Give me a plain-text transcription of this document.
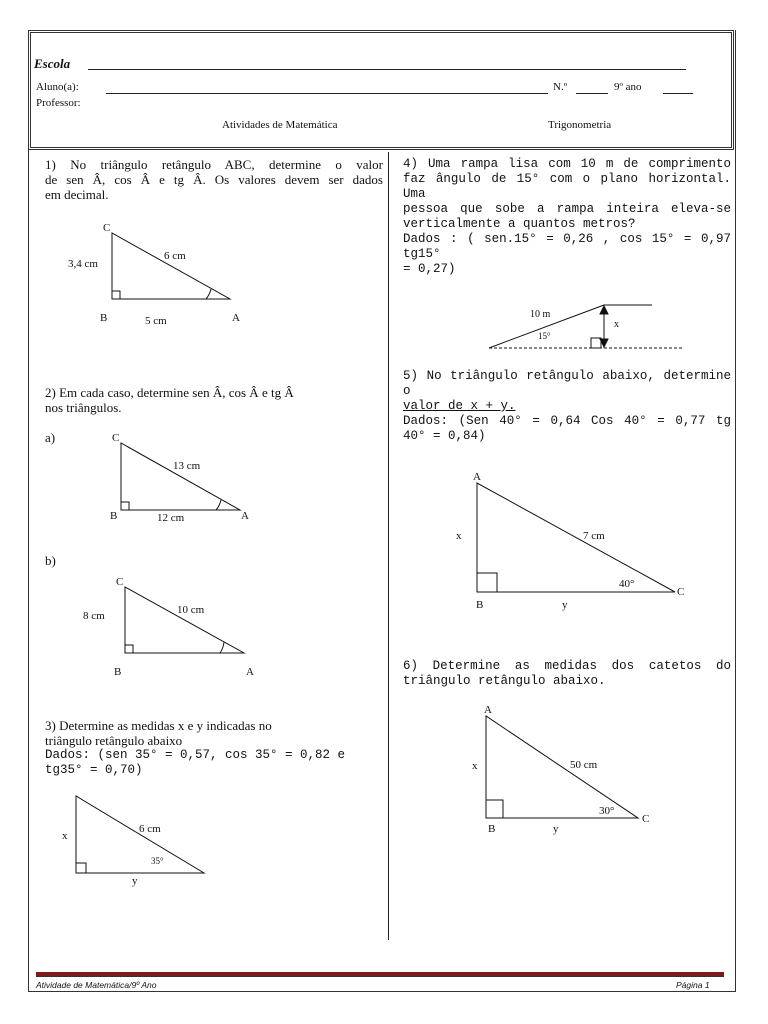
Escola
Aluno(a):	N.º	9º ano
Professor:
Atividades de Matemática	Trigonometria
1) No triângulo retângulo ABC, determine o valor
de sen Â, cos Â e tg Â. Os valores devem ser dados
em decimal.
2) Em cada caso, determine sen Â, cos Â e tg Â
nos triângulos.
a)
b)
3) Determine as medidas x e y indicadas no
triângulo retângulo abaixo
Dados: (sen 35° = 0,57, cos 35° = 0,82 e
tg35° = 0,70)
4) Uma rampa lisa com 10 m de comprimento
faz ângulo de 15° com o plano horizontal. Uma
pessoa que sobe a rampa inteira eleva-se
verticalmente a quantos metros?
Dados : ( sen.15° = 0,26 , cos 15° = 0,97 tg15°
= 0,27)
5) No triângulo retângulo abaixo, determine o
valor de x + y.
Dados: (Sen 40° = 0,64 Cos 40° = 0,77 tg
40° = 0,84)
6) Determine as medidas dos catetos do
triângulo retângulo abaixo.
C
3,4 cm
6 cm
B	5 cm	A
C
13 cm
B	12 cm	A
C
10 cm
8 cm
B	A
x
6 cm
35°
y
10 m
15°
x
A
x	7 cm
40°
C
B	y
A
x	50 cm
30°
C
B	y
Atividade de Matemática/9º Ano	Página 1
